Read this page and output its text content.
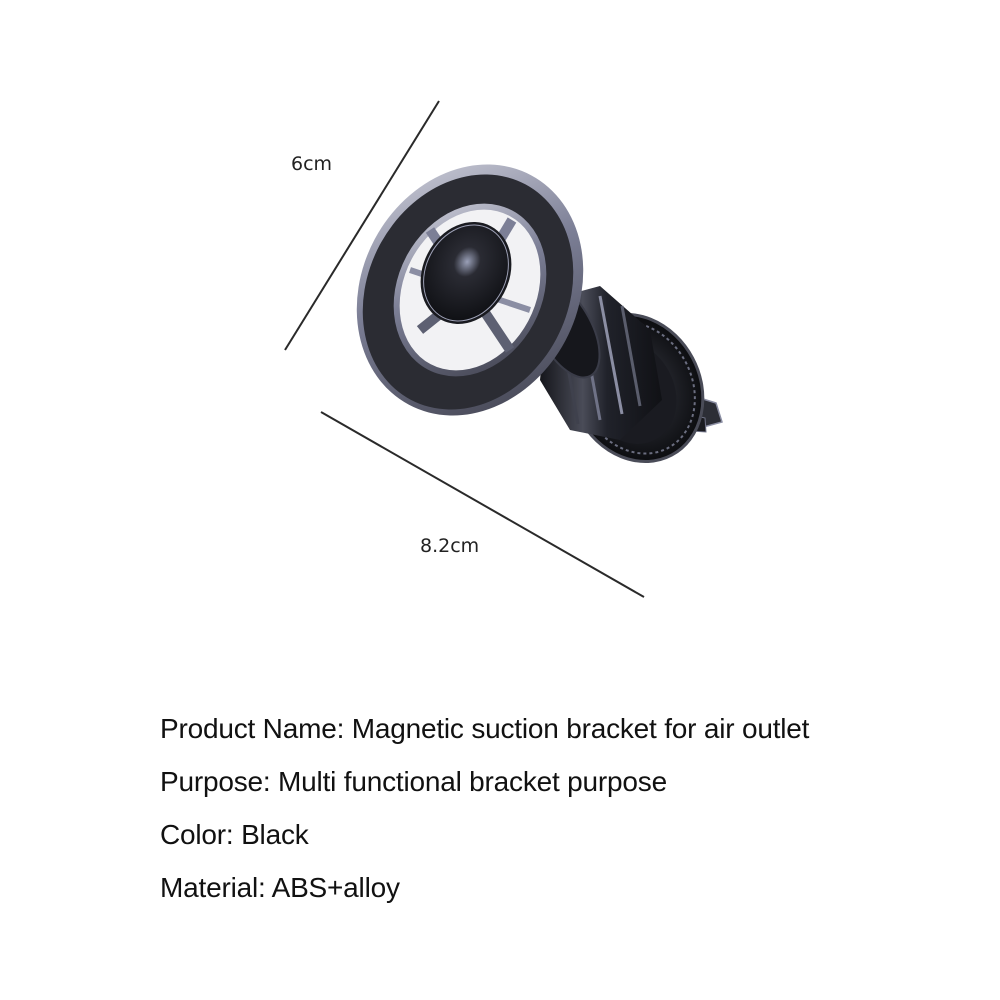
6cm
8.2cm
Product Name: Magnetic suction bracket for air outlet
Purpose: Multi functional bracket purpose
Color: Black
Material: ABS+alloy
